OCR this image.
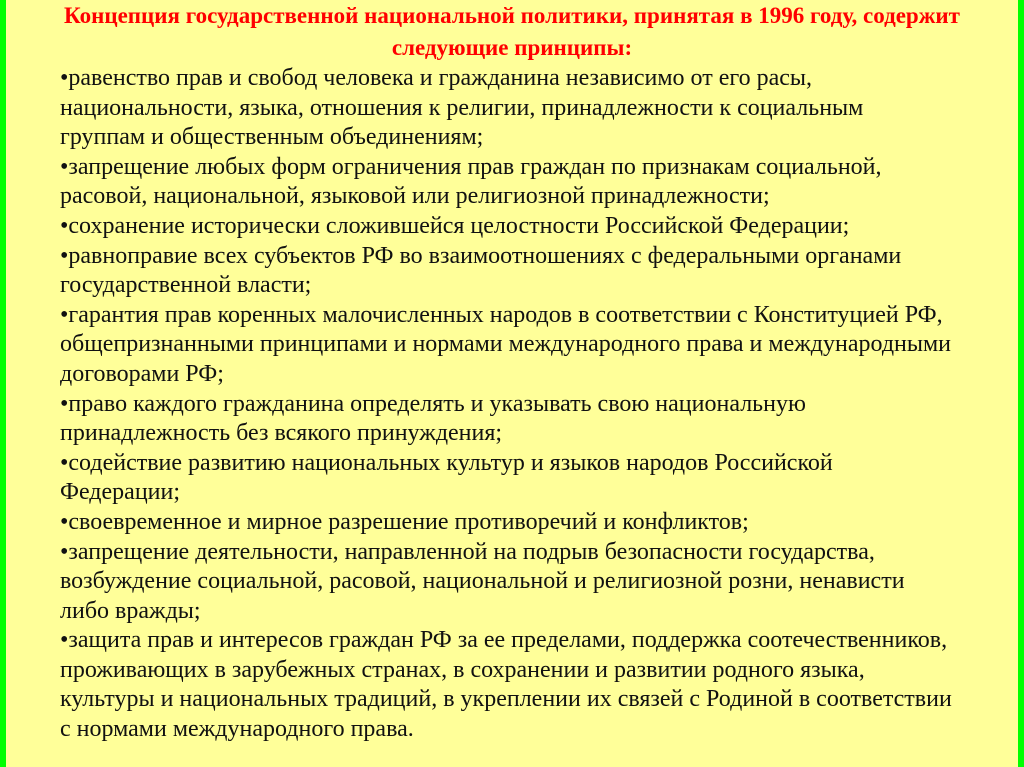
Концепция государственной национальной политики, принятая в 1996 году, содержит
следующие принципы:
•равенство прав и свобод человека и гражданина независимо от его расы,
национальности, языка, отношения к религии, принадлежности к социальным
группам и общественным объединениям;
•запрещение любых форм ограничения прав граждан по признакам социальной,
расовой, национальной, языковой или религиозной принадлежности;
•сохранение исторически сложившейся целостности Российской Федерации;
•равноправие всех субъектов РФ во взаимоотношениях с федеральными органами
государственной власти;
•гарантия прав коренных малочисленных народов в соответствии с Конституцией РФ,
общепризнанными принципами и нормами международного права и международными
договорами РФ;
•право каждого гражданина определять и указывать свою национальную
принадлежность без всякого принуждения;
•содействие развитию национальных культур и языков народов Российской
Федерации;
•своевременное и мирное разрешение противоречий и конфликтов;
•запрещение деятельности, направленной на подрыв безопасности государства,
возбуждение социальной, расовой, национальной и религиозной розни, ненависти
либо вражды;
•защита прав и интересов граждан РФ за ее пределами, поддержка соотечественников,
проживающих в зарубежных странах, в сохранении и развитии родного языка,
культуры и национальных традиций, в укреплении их связей с Родиной в соответствии
с нормами международного права.
